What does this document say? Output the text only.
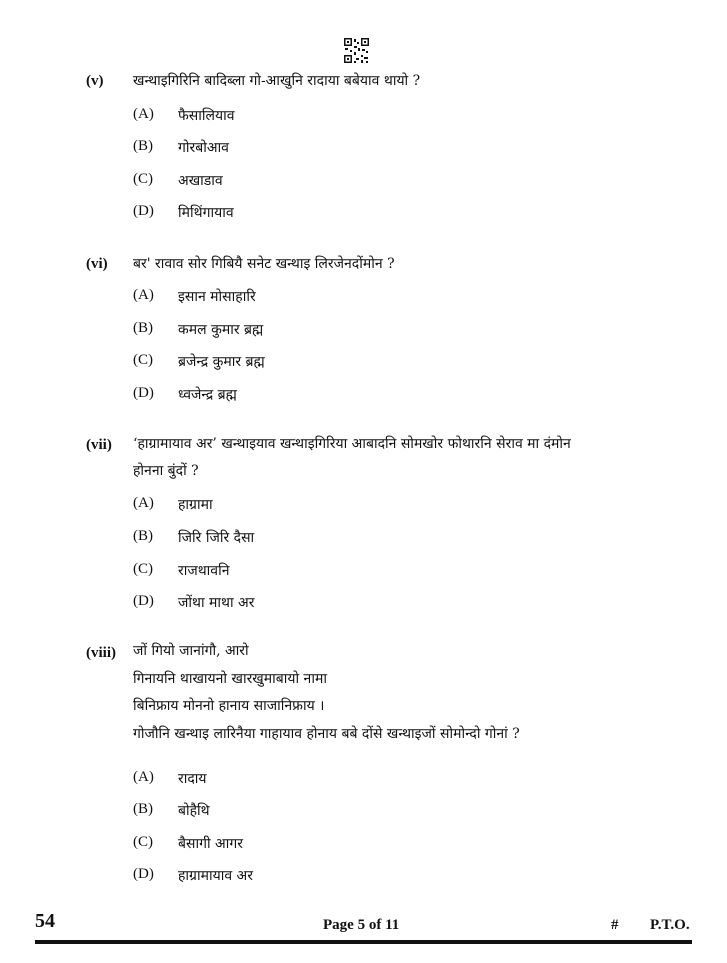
(v) खन्थाइगिरिनि बादिब्ला गो-आखुनि रादाया बबेयाव थायो ?
(A) फैसालियाव
(B) गोरबोआव
(C) अखाडाव
(D) मिथिंगायाव
(vi) बर' रावाव सोर गिबियै सनेट खन्थाइ लिरजेनदोंमोन ?
(A) इसान मोसाहारि
(B) कमल कुमार ब्रह्म
(C) ब्रजेन्द्र कुमार ब्रह्म
(D) ध्वजेन्द्र ब्रह्म
(vii) ‘हाग्रामायाव अर’ खन्थाइयाव खन्थाइगिरिया आबादनि सोमखोर फोथारनि सेराव मा दंमोन
होनना बुंदों ?
(A) हाग्रामा
(B) जिरि जिरि दैसा
(C) राजथावनि
(D) जोंथा माथा अर
(viii) जों गियो जानांगौ, आरो
गिनायनि थाखायनो खारखुमाबायो नामा
बिनिफ्राय मोननो हानाय साजानिफ्राय ।
गोजौनि खन्थाइ लारिनैया गाहायाव होनाय बबे दोंसे खन्थाइजों सोमोन्दो गोनां ?
(A) रादाय
(B) बोहैथि
(C) बैसागी आगर
(D) हाग्रामायाव अर
54	Page 5 of 11	# P.T.O.
